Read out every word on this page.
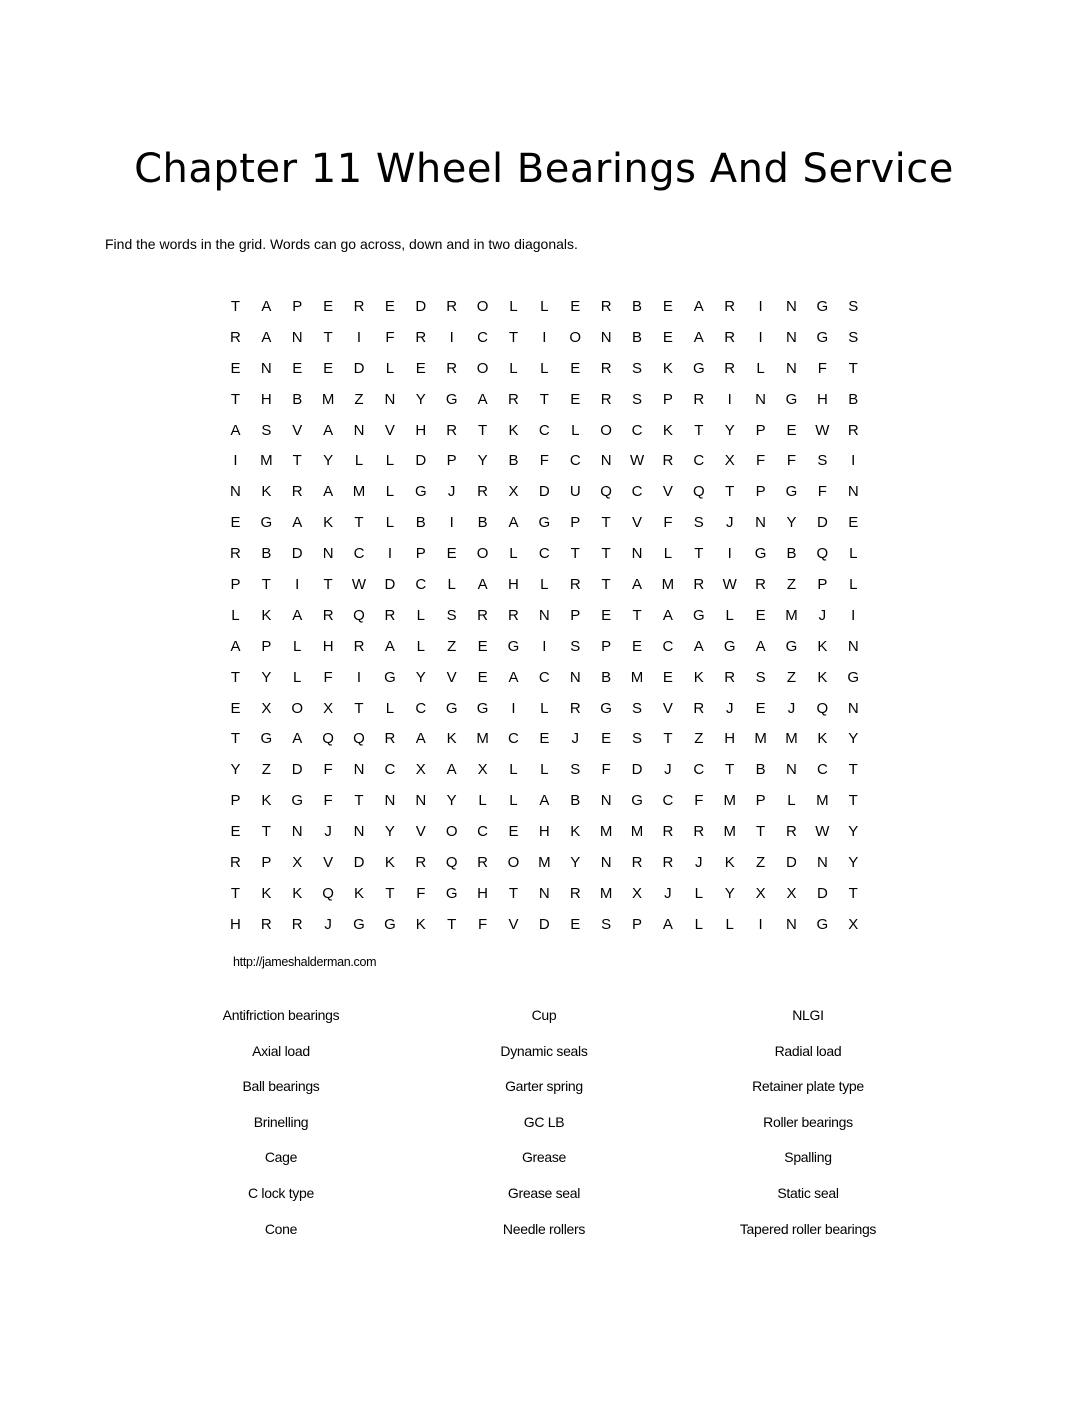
Chapter 11 Wheel Bearings And Service

Find the words in the grid. Words can go across, down and in two diagonals.

T	A	P	E	R	E	D	R	O	L	L	E	R	B	E	A	R	I	N	G	S
R	A	N	T	I	F	R	I	C	T	I	O	N	B	E	A	R	I	N	G	S
E	N	E	E	D	L	E	R	O	L	L	E	R	S	K	G	R	L	N	F	T
T	H	B	M	Z	N	Y	G	A	R	T	E	R	S	P	R	I	N	G	H	B
A	S	V	A	N	V	H	R	T	K	C	L	O	C	K	T	Y	P	E	W	R
I	M	T	Y	L	L	D	P	Y	B	F	C	N	W	R	C	X	F	F	S	I
N	K	R	A	M	L	G	J	R	X	D	U	Q	C	V	Q	T	P	G	F	N
E	G	A	K	T	L	B	I	B	A	G	P	T	V	F	S	J	N	Y	D	E
R	B	D	N	C	I	P	E	O	L	C	T	T	N	L	T	I	G	B	Q	L
P	T	I	T	W	D	C	L	A	H	L	R	T	A	M	R	W	R	Z	P	L
L	K	A	R	Q	R	L	S	R	R	N	P	E	T	A	G	L	E	M	J	I
A	P	L	H	R	A	L	Z	E	G	I	S	P	E	C	A	G	A	G	K	N
T	Y	L	F	I	G	Y	V	E	A	C	N	B	M	E	K	R	S	Z	K	G
E	X	O	X	T	L	C	G	G	I	L	R	G	S	V	R	J	E	J	Q	N
T	G	A	Q	Q	R	A	K	M	C	E	J	E	S	T	Z	H	M	M	K	Y
Y	Z	D	F	N	C	X	A	X	L	L	S	F	D	J	C	T	B	N	C	T
P	K	G	F	T	N	N	Y	L	L	A	B	N	G	C	F	M	P	L	M	T
E	T	N	J	N	Y	V	O	C	E	H	K	M	M	R	R	M	T	R	W	Y
R	P	X	V	D	K	R	Q	R	O	M	Y	N	R	R	J	K	Z	D	N	Y
T	K	K	Q	K	T	F	G	H	T	N	R	M	X	J	L	Y	X	X	D	T
H	R	R	J	G	G	K	T	F	V	D	E	S	P	A	L	L	I	N	G	X
http://jameshalderman.com
Antifriction bearings	Cup	NLGI
Axial load	Dynamic seals	Radial load
Ball bearings	Garter spring	Retainer plate type
Brinelling	GC LB	Roller bearings
Cage	Grease	Spalling
C lock type	Grease seal	Static seal
Cone	Needle rollers	Tapered roller bearings
